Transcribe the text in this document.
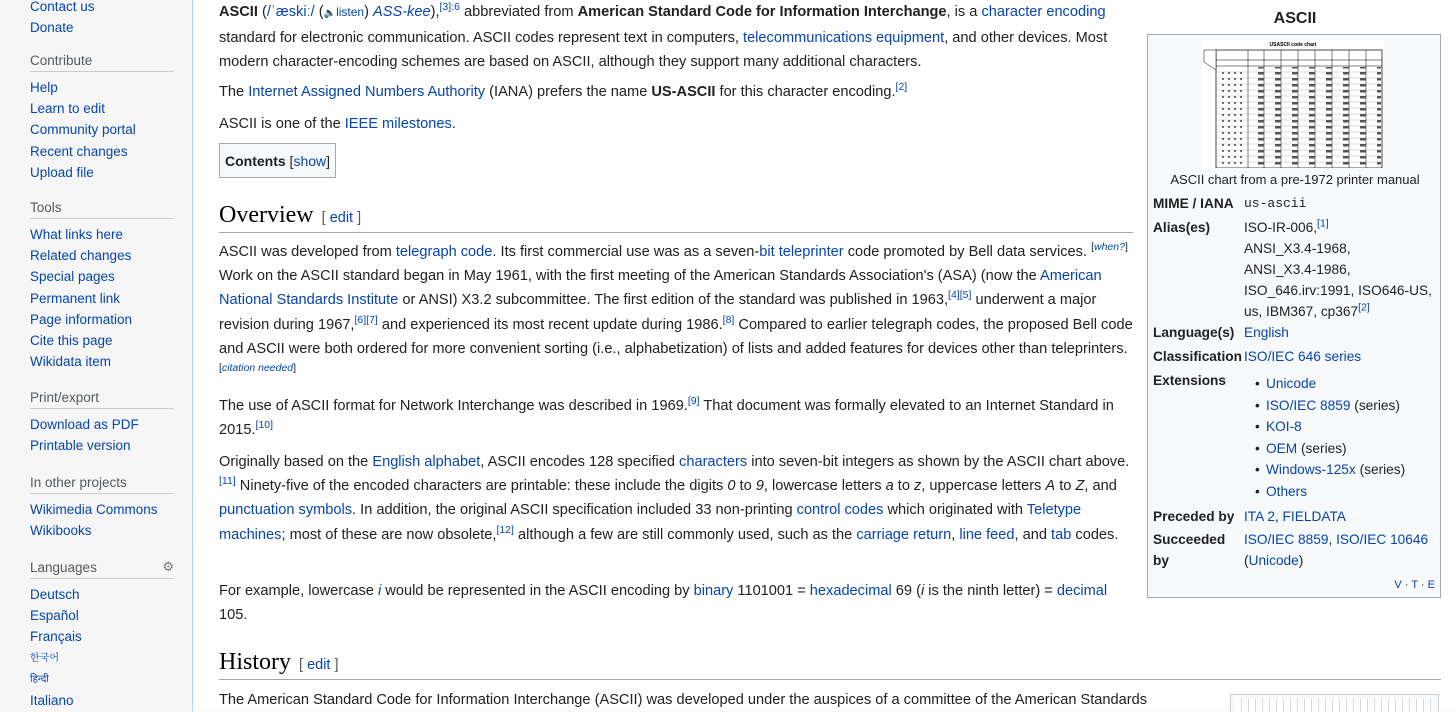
Contact us
Donate
Contribute
Help
Learn to edit
Community portal
Recent changes
Upload file
Tools
What links here
Related changes
Special pages
Permanent link
Page information
Cite this page
Wikidata item
Print/export
Download as PDF
Printable version
In other projects
Wikimedia Commons
Wikibooks
Languages	⚙
Deutsch
Español
Français
한국어
हिन्दी
Italiano

ASCII (/ˈæskiː/ (🔈listen) ASS-kee),$^{[3]:6}$ abbreviated from American Standard Code for Information Interchange, is a character encoding standard for electronic communication. ASCII codes represent text in computers, telecommunications equipment, and other devices. Most modern character-encoding schemes are based on ASCII, although they support many additional characters.

The Internet Assigned Numbers Authority (IANA) prefers the name US-ASCII for this character encoding.[2]

ASCII is one of the IEEE milestones.

Contents [show]
Overview [ edit ]

ASCII was developed from telegraph code. Its first commercial use was as a seven-bit teleprinter code promoted by Bell data services. [when?] Work on the ASCII standard began in May 1961, with the first meeting of the American Standards Association's (ASA) (now the American National Standards Institute or ANSI) X3.2 subcommittee. The first edition of the standard was published in 1963,[4][5] underwent a major revision during 1967,[6][7] and experienced its most recent update during 1986.[8] Compared to earlier telegraph codes, the proposed Bell code and ASCII were both ordered for more convenient sorting (i.e., alphabetization) of lists and added features for devices other than teleprinters.[citation needed]

The use of ASCII format for Network Interchange was described in 1969.[9] That document was formally elevated to an Internet Standard in 2015.[10]

Originally based on the English alphabet, ASCII encodes 128 specified characters into seven-bit integers as shown by the ASCII chart above.[11] Ninety-five of the encoded characters are printable: these include the digits 0 to 9, lowercase letters a to z, uppercase letters A to Z, and punctuation symbols. In addition, the original ASCII specification included 33 non-printing control codes which originated with Teletype machines; most of these are now obsolete,[12] although a few are still commonly used, such as the carriage return, line feed, and tab codes.

For example, lowercase i would be represented in the ASCII encoding by binary 1101001 = hexadecimal 69 (i is the ninth letter) = decimal 105.

History [ edit ]

The American Standard Code for Information Interchange (ASCII) was developed under the auspices of a committee of the American Standards

ASCII
USASCII code chart
ASCII chart from a pre-1972 printer manual
MIME / IANA us-ascii
Alias(es) ISO-IR-006,[1]
ANSI_X3.4-1968,
ANSI_X3.4-1986,
ISO_646.irv:1991, ISO646-US,
us, IBM367, cp367[2]
Language(s) English
Classification ISO/IEC 646 series
Extensions
•	Unicode
• ISO/IEC 8859 (series)
• KOI-8
• OEM (series)
• Windows-125x (series)
• Others
Preceded by ITA 2, FIELDATA
Succeeded
by
ISO/IEC 8859, ISO/IEC 10646
(Unicode)
V · T · E
